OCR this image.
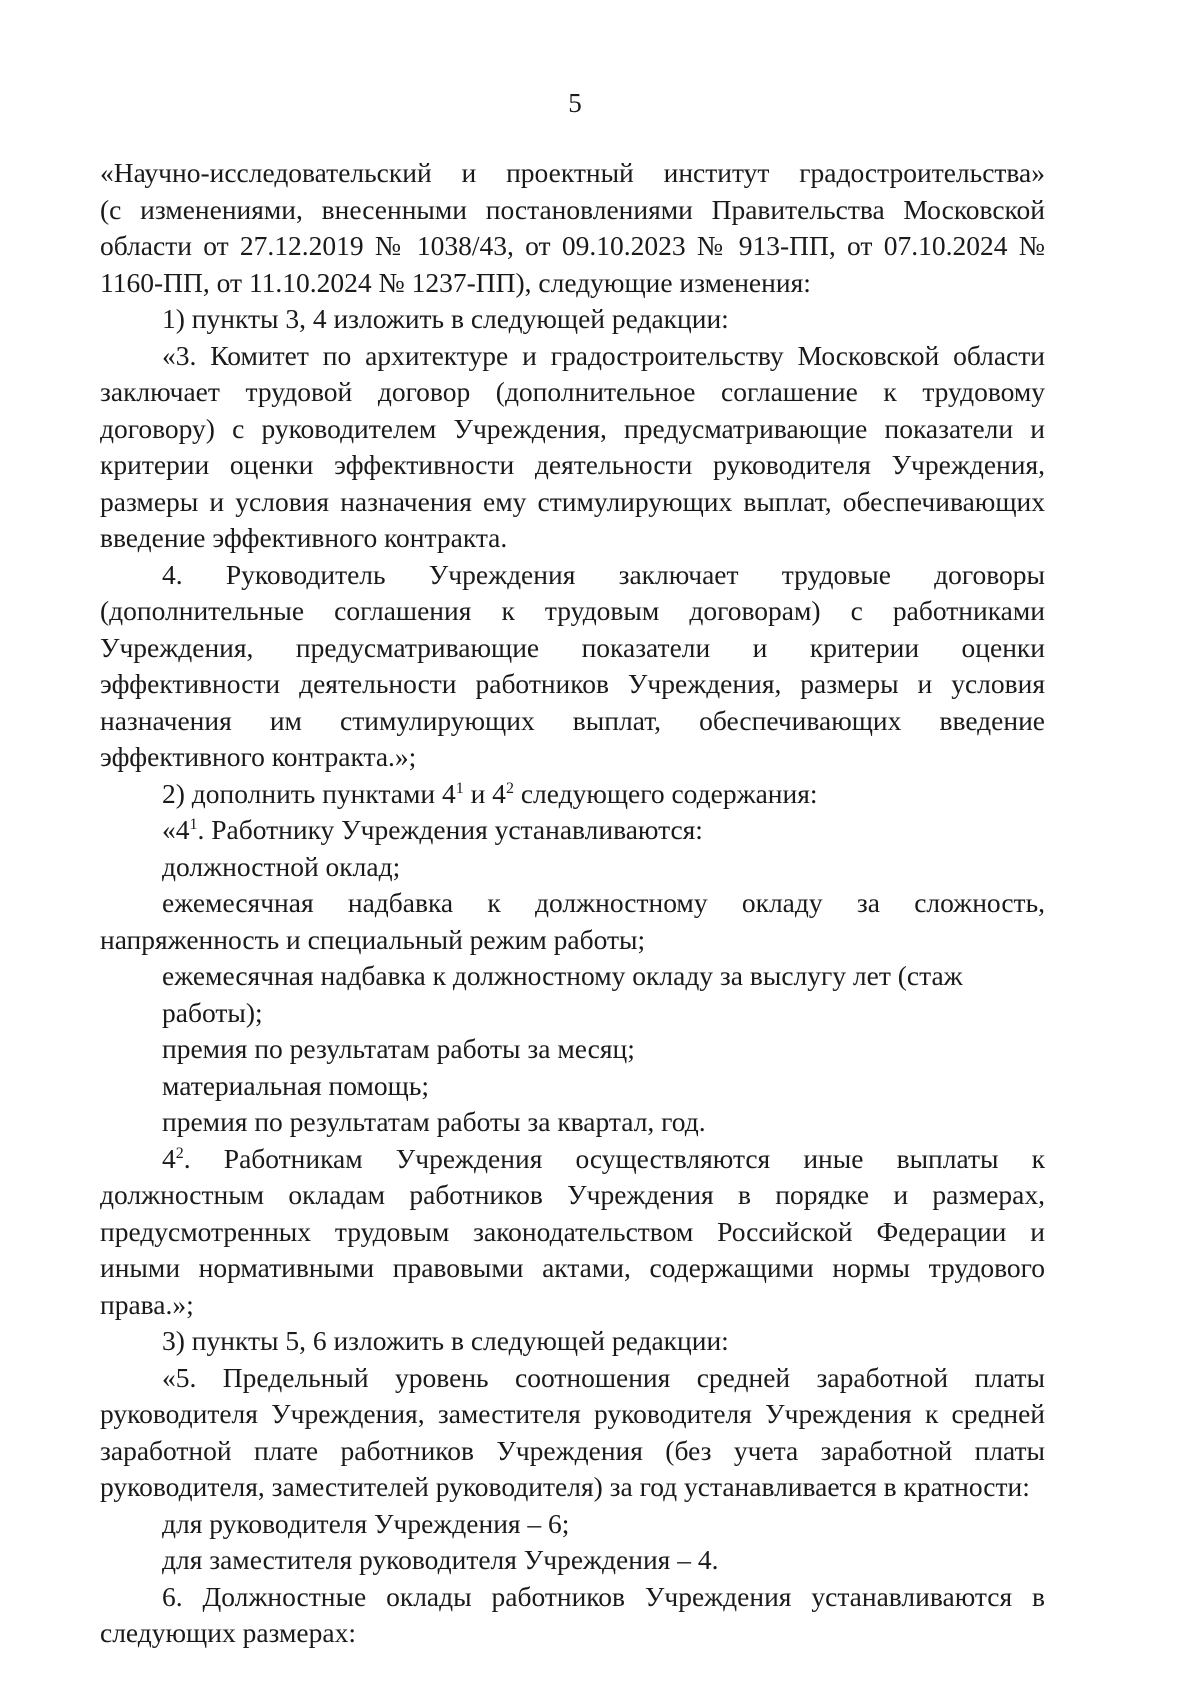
5

«Научно-исследовательский и проектный институт градостроительства»

(с изменениями, внесенными постановлениями Правительства Московской области от 27.12.2019 № 1038/43, от 09.10.2023 № 913-ПП, от 07.10.2024 № 1160-ПП, от 11.10.2024 № 1237-ПП), следующие изменения:

1) пункты 3, 4 изложить в следующей редакции:

«3. Комитет по архитектуре и градостроительству Московской области заключает трудовой договор (дополнительное соглашение к трудовому договору) с руководителем Учреждения, предусматривающие показатели и критерии оценки эффективности деятельности руководителя Учреждения, размеры и условия назначения ему стимулирующих выплат, обеспечивающих введение эффективного контракта.

4. Руководитель Учреждения заключает трудовые договоры (дополнительные соглашения к трудовым договорам) с работниками Учреждения, предусматривающие показатели и критерии оценки эффективности деятельности работников Учреждения, размеры и условия назначения им стимулирующих выплат, обеспечивающих введение эффективного контракта.»;

2) дополнить пунктами $4^1$ и $4^2$ следующего содержания:

«$4^1$. Работнику Учреждения устанавливаются:

должностной оклад;

ежемесячная надбавка к должностному окладу за сложность, напряженность и специальный режим работы;

ежемесячная надбавка к должностному окладу за выслугу лет (стаж работы);

премия по результатам работы за месяц;

материальная помощь;

премия по результатам работы за квартал, год.

$4^2$. Работникам Учреждения осуществляются иные выплаты к должностным окладам работников Учреждения в порядке и размерах, предусмотренных трудовым законодательством Российской Федерации и иными нормативными правовыми актами, содержащими нормы трудового права.»;

3) пункты 5, 6 изложить в следующей редакции:

«5. Предельный уровень соотношения средней заработной платы руководителя Учреждения, заместителя руководителя Учреждения к средней заработной плате работников Учреждения (без учета заработной платы руководителя, заместителей руководителя) за год устанавливается в кратности:

для руководителя Учреждения – 6;

для заместителя руководителя Учреждения – 4.

6. Должностные оклады работников Учреждения устанавливаются в следующих размерах:
